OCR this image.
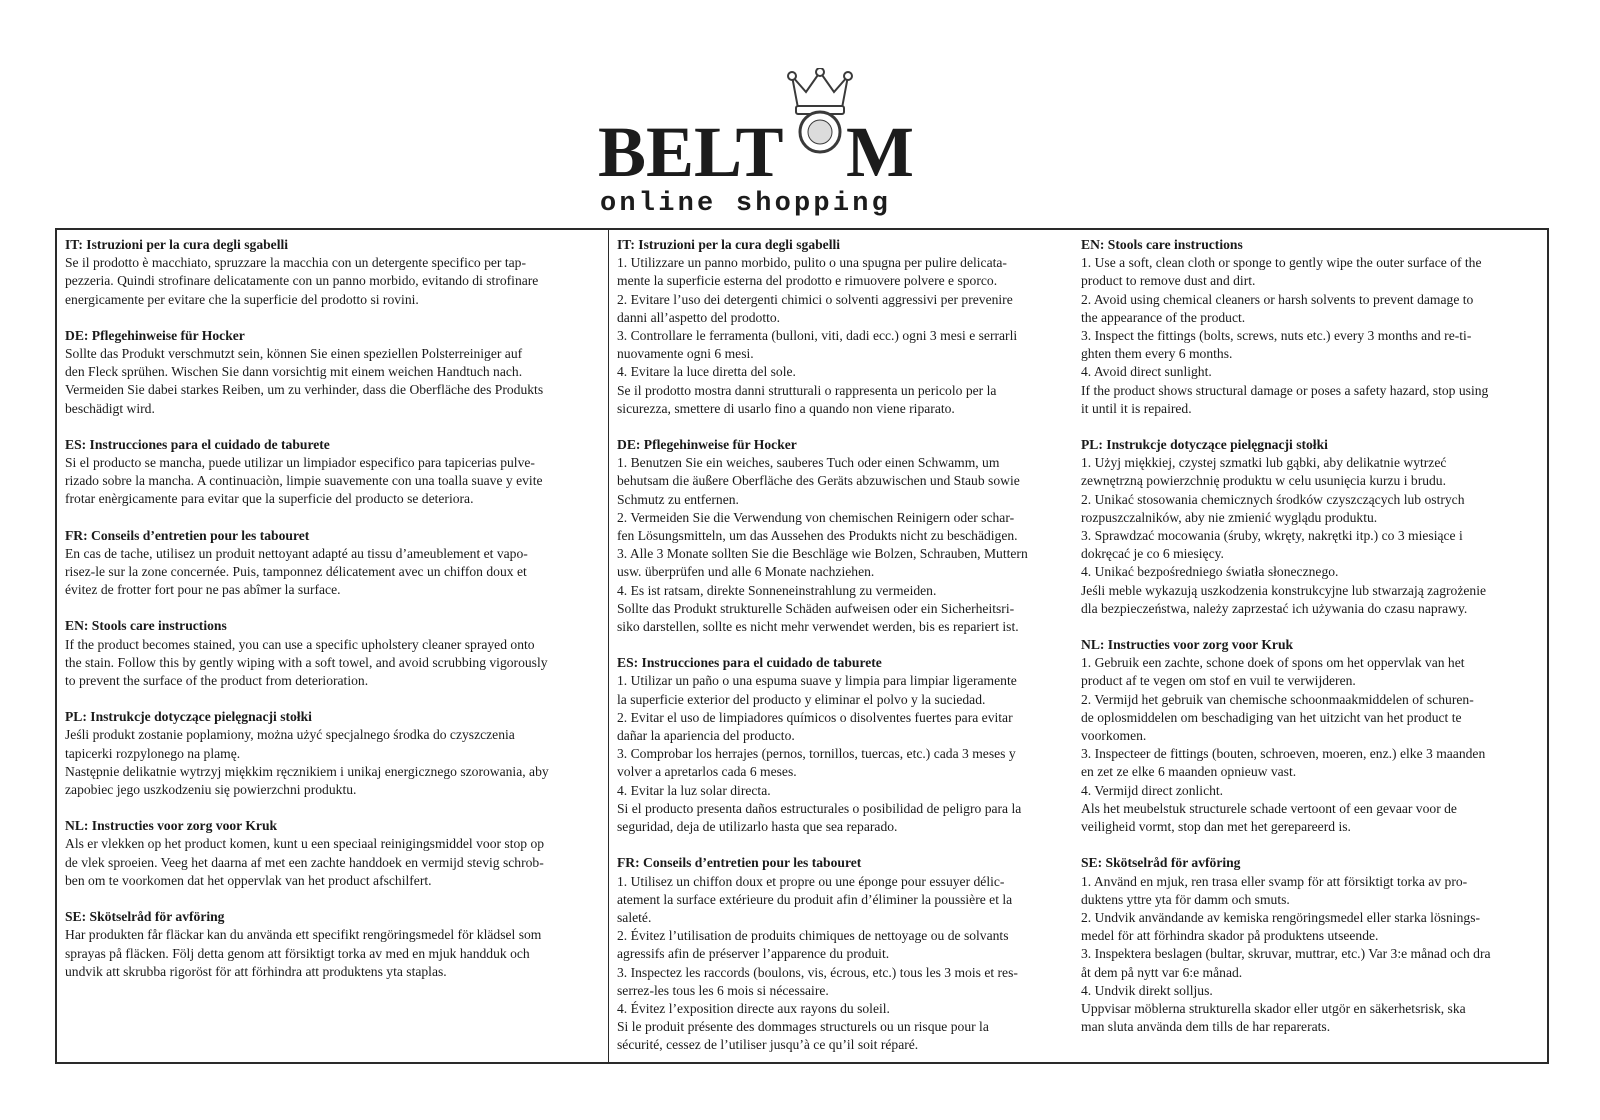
BELT M
online shopping

IT: Istruzioni per la cura degli sgabelli

Se il prodotto è macchiato, spruzzare la macchia con un detergente specifico per tap-
pezzeria. Quindi strofinare delicatamente con un panno morbido, evitando di strofinare
energicamente per evitare che la superficie del prodotto si rovini.

DE: Pflegehinweise für Hocker

Sollte das Produkt verschmutzt sein, können Sie einen speziellen Polsterreiniger auf
den Fleck sprühen. Wischen Sie dann vorsichtig mit einem weichen Handtuch nach.
Vermeiden Sie dabei starkes Reiben, um zu verhinder, dass die Oberfläche des Produkts
beschädigt wird.

ES: Instrucciones para el cuidado de taburete

Si el producto se mancha, puede utilizar un limpiador especifico para tapicerias pulve-
rizado sobre la mancha. A continuaciòn, limpie suavemente con una toalla suave y evite
frotar enèrgicamente para evitar que la superficie del producto se deteriora.

FR: Conseils d’entretien pour les tabouret

En cas de tache, utilisez un produit nettoyant adapté au tissu d’ameublement et vapo-
risez-le sur la zone concernée. Puis, tamponnez délicatement avec un chiffon doux et
évitez de frotter fort pour ne pas abîmer la surface.

EN: Stools care instructions

If the product becomes stained, you can use a specific upholstery cleaner sprayed onto
the stain. Follow this by gently wiping with a soft towel, and avoid scrubbing vigorously
to prevent the surface of the product from deterioration.

PL: Instrukcje dotyczące pielęgnacji stołki

Jeśli produkt zostanie poplamiony, można użyć specjalnego środka do czyszczenia
tapicerki rozpylonego na plamę.
Następnie delikatnie wytrzyj miękkim ręcznikiem i unikaj energicznego szorowania, aby
zapobiec jego uszkodzeniu się powierzchni produktu.

NL: Instructies voor zorg voor Kruk

Als er vlekken op het product komen, kunt u een speciaal reinigingsmiddel voor stop op
de vlek sproeien. Veeg het daarna af met een zachte handdoek en vermijd stevig schrob-
ben om te voorkomen dat het oppervlak van het product afschilfert.

SE: Skötselråd för avföring

Har produkten får fläckar kan du använda ett specifikt rengöringsmedel för klädsel som
sprayas på fläcken. Följ detta genom att försiktigt torka av med en mjuk handduk och
undvik att skrubba rigoröst för att förhindra att produktens yta staplas.

IT: Istruzioni per la cura degli sgabelli

1. Utilizzare un panno morbido, pulito o una spugna per pulire delicata-
mente la superficie esterna del prodotto e rimuovere polvere e sporco.
2. Evitare l’uso dei detergenti chimici o solventi aggressivi per prevenire
danni all’aspetto del prodotto.
3. Controllare le ferramenta (bulloni, viti, dadi ecc.) ogni 3 mesi e serrarli
nuovamente ogni 6 mesi.
4. Evitare la luce diretta del sole.
Se il prodotto mostra danni strutturali o rappresenta un pericolo per la
sicurezza, smettere di usarlo fino a quando non viene riparato.

DE: Pflegehinweise für Hocker

1. Benutzen Sie ein weiches, sauberes Tuch oder einen Schwamm, um
behutsam die äußere Oberfläche des Geräts abzuwischen und Staub sowie
Schmutz zu entfernen.
2. Vermeiden Sie die Verwendung von chemischen Reinigern oder schar-
fen Lösungsmitteln, um das Aussehen des Produkts nicht zu beschädigen.
3. Alle 3 Monate sollten Sie die Beschläge wie Bolzen, Schrauben, Muttern
usw. überprüfen und alle 6 Monate nachziehen.
4. Es ist ratsam, direkte Sonneneinstrahlung zu vermeiden.
Sollte das Produkt strukturelle Schäden aufweisen oder ein Sicherheitsri-
siko darstellen, sollte es nicht mehr verwendet werden, bis es repariert ist.

ES: Instrucciones para el cuidado de taburete

1. Utilizar un paño o una espuma suave y limpia para limpiar ligeramente
la superficie exterior del producto y eliminar el polvo y la suciedad.
2. Evitar el uso de limpiadores químicos o disolventes fuertes para evitar
dañar la apariencia del producto.
3. Comprobar los herrajes (pernos, tornillos, tuercas, etc.) cada 3 meses y
volver a apretarlos cada 6 meses.
4. Evitar la luz solar directa.
Si el producto presenta daños estructurales o posibilidad de peligro para la
seguridad, deja de utilizarlo hasta que sea reparado.

FR: Conseils d’entretien pour les tabouret

1. Utilisez un chiffon doux et propre ou une éponge pour essuyer délic-
atement la surface extérieure du produit afin d’éliminer la poussière et la
saleté.
2. Évitez l’utilisation de produits chimiques de nettoyage ou de solvants
agressifs afin de préserver l’apparence du produit.
3. Inspectez les raccords (boulons, vis, écrous, etc.) tous les 3 mois et res-
serrez-les tous les 6 mois si nécessaire.
4. Évitez l’exposition directe aux rayons du soleil.
Si le produit présente des dommages structurels ou un risque pour la
sécurité, cessez de l’utiliser jusqu’à ce qu’il soit réparé.

EN: Stools care instructions

1. Use a soft, clean cloth or sponge to gently wipe the outer surface of the
product to remove dust and dirt.
2. Avoid using chemical cleaners or harsh solvents to prevent damage to
the appearance of the product.
3. Inspect the fittings (bolts, screws, nuts etc.) every 3 months and re-ti-
ghten them every 6 months.
4. Avoid direct sunlight.
If the product shows structural damage or poses a safety hazard, stop using
it until it is repaired.

PL: Instrukcje dotyczące pielęgnacji stołki

1. Użyj miękkiej, czystej szmatki lub gąbki, aby delikatnie wytrzeć
zewnętrzną powierzchnię produktu w celu usunięcia kurzu i brudu.
2. Unikać stosowania chemicznych środków czyszczących lub ostrych
rozpuszczalników, aby nie zmienić wyglądu produktu.
3. Sprawdzać mocowania (śruby, wkręty, nakrętki itp.) co 3 miesiące i
dokręcać je co 6 miesięcy.
4. Unikać bezpośredniego światła słonecznego.
Jeśli meble wykazują uszkodzenia konstrukcyjne lub stwarzają zagrożenie
dla bezpieczeństwa, należy zaprzestać ich używania do czasu naprawy.

NL: Instructies voor zorg voor Kruk

1. Gebruik een zachte, schone doek of spons om het oppervlak van het
product af te vegen om stof en vuil te verwijderen.
2. Vermijd het gebruik van chemische schoonmaakmiddelen of schuren-
de oplosmiddelen om beschadiging van het uitzicht van het product te
voorkomen.
3. Inspecteer de fittings (bouten, schroeven, moeren, enz.) elke 3 maanden
en zet ze elke 6 maanden opnieuw vast.
4. Vermijd direct zonlicht.
Als het meubelstuk structurele schade vertoont of een gevaar voor de
veiligheid vormt, stop dan met het gerepareerd is.

SE: Skötselråd för avföring

1. Använd en mjuk, ren trasa eller svamp för att försiktigt torka av pro-
duktens yttre yta för damm och smuts.
2. Undvik användande av kemiska rengöringsmedel eller starka lösnings-
medel för att förhindra skador på produktens utseende.
3. Inspektera beslagen (bultar, skruvar, muttrar, etc.) Var 3:e månad och dra
åt dem på nytt var 6:e månad.
4. Undvik direkt solljus.
Uppvisar möblerna strukturella skador eller utgör en säkerhetsrisk, ska
man sluta använda dem tills de har reparerats.
